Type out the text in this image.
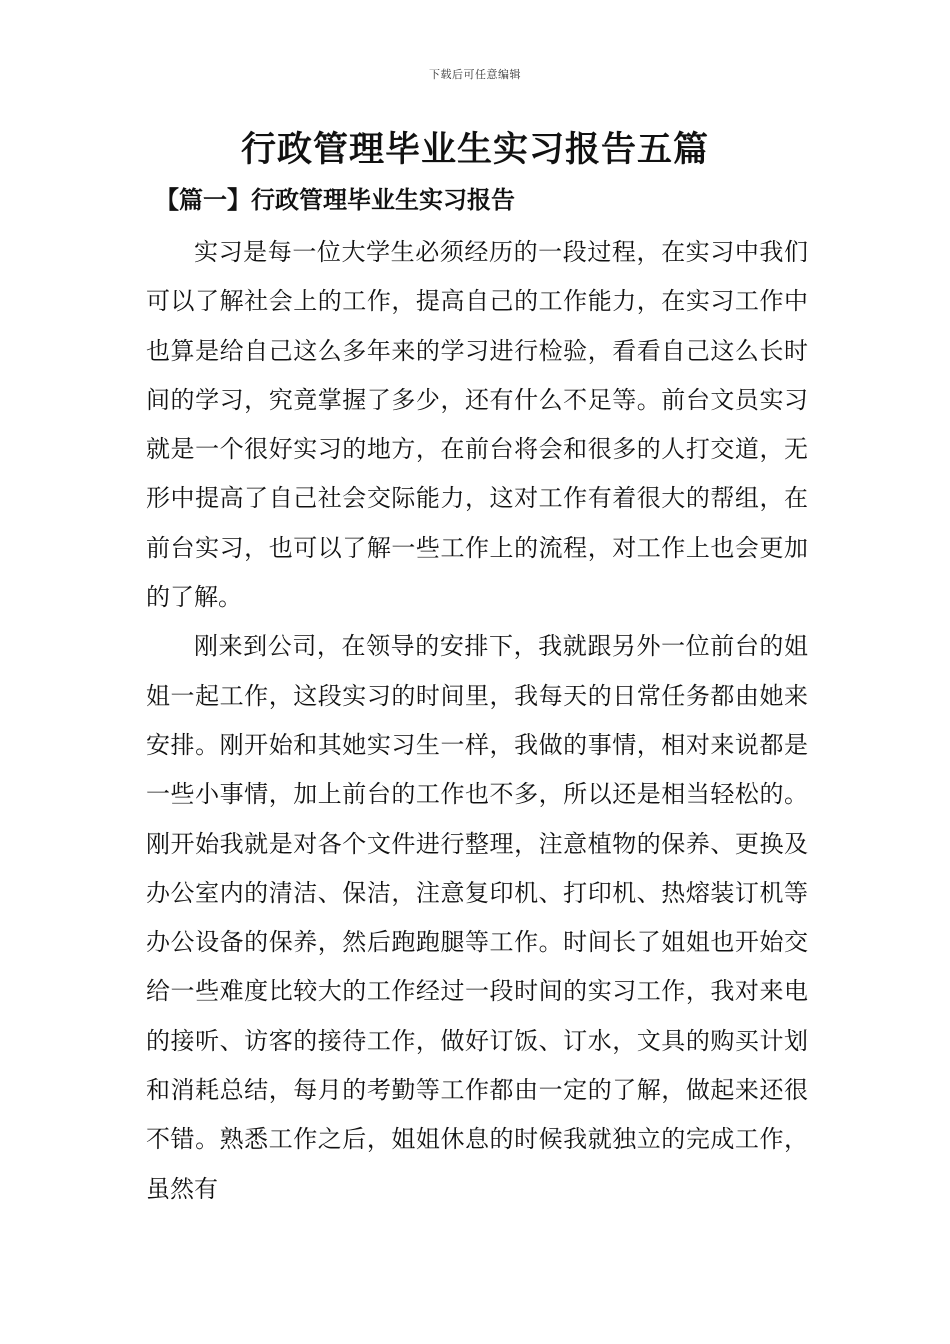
下载后可任意编辑
行政管理毕业生实习报告五篇
【篇一】行政管理毕业生实习报告

实习是每一位大学生必须经历的一段过程，在实习中我们可以了解社会上的工作，提高自己的工作能力，在实习工作中也算是给自己这么多年来的学习进行检验，看看自己这么长时间的学习，究竟掌握了多少，还有什么不足等。前台文员实习就是一个很好实习的地方，在前台将会和很多的人打交道，无形中提高了自己社会交际能力，这对工作有着很大的帮组，在前台实习，也可以了解一些工作上的流程，对工作上也会更加的了解。

刚来到公司，在领导的安排下，我就跟另外一位前台的姐姐一起工作，这段实习的时间里，我每天的日常任务都由她来安排。刚开始和其她实习生一样，我做的事情，相对来说都是一些小事情，加上前台的工作也不多，所以还是相当轻松的。刚开始我就是对各个文件进行整理，注意植物的保养、更换及办公室内的清洁、保洁，注意复印机、打印机、热熔装订机等办公设备的保养，然后跑跑腿等工作。时间长了姐姐也开始交给一些难度比较大的工作经过一段时间的实习工作，我对来电的接听、访客的接待工作，做好订饭、订水，文具的购买计划和消耗总结，每月的考勤等工作都由一定的了解，做起来还很不错。熟悉工作之后，姐姐休息的时候我就独立的完成工作，虽然有
